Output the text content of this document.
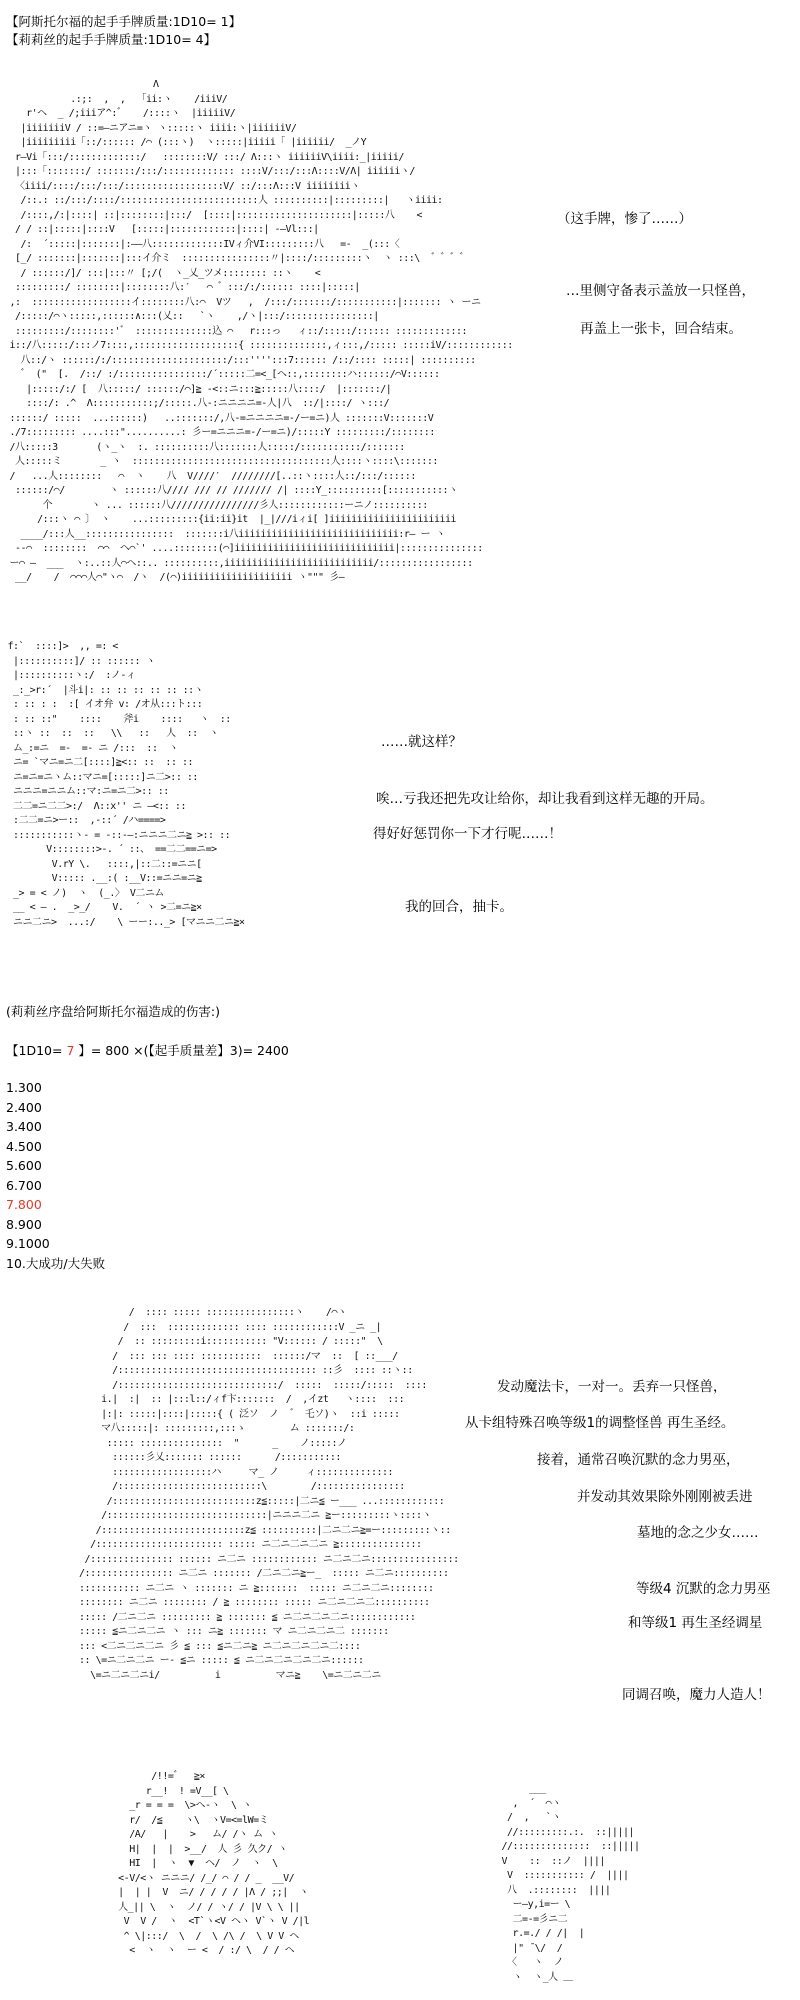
【阿斯托尔福的起手手牌质量:1D10= 1】
【莉莉丝的起手手牌质量:1D10= 4】
Λ
.:;:  ,  ,  「ii:ヽ    /iiiV/
r'ヘ  _ /;iiiア^:゛   /::::ヽ  |iiiiiV/
|iiiiiiiV / ::=—ニアニ=ヽ ヽ:::::ヽ iiii:ヽ|iiiiiiV/
|iiiiiiiii「::/:::::: /⌒ (:::ヽ)  ヽ:::::|iiiii「 |iiiiii/  _ノY
r—Vi「:::/:::::::::::::/   ::::::::V/ :::/ Λ:::ヽ iiiiiiV\iiii:_|iiiii/
|:::「:::::::/ :::::::/:::/::::::::::::: ::::V/:::/:::Λ::::V/Λ| iiiiiiヽ/
〈iiii/::::/:::/:::/::::::::::::::::::V/ ::/:::Λ:::V iiiiiiiiヽ
/::.: ::/:::/::::/:::::::::::::::::::::::::人 ::::::::::|:::::::::|   ヽiiii:
/::::,/:|::::| ::|::::::::|:::/  [::::|:::::::::::::::::::::|:::::八    <
/ / ::|:::::|::::V   [:::::|::::::::::::|::::| -—Vl:::|
/:  ´:::::|:::::::|:——八:::::::::::::IVィ介VI:::::::::八   =-  _(:::〈
[_/ :::::::|:::::::|:::イ介ミ  ::::::::::::::::〃|::::/:::::::::ヽ  ヽ :::\  ゛゛゛゛
/ ::::::/]/ :::|:::〃 [;/(  ヽ_乂_ツメ:::::::: ::ヽ    <
:::::::::/ ::::::::|::::::::八:′   ⌒ ゛:::/:/:::::: ::::|:::::|
,:  ::::::::::::::::::イ::::::::八:⌒  Vツ   ,  /:::/:::::::/:::::::::::|::::::: ヽ ーニ
/:::::/⌒ヽ:::::,::::::∧:::(乂::   `ヽ    ,/ヽ|:::/::::::::::::::::|
:::::::::/::::::::'゛ ::::::::::::::込 ⌒   r:::っ   ィ::/:::::/:::::: :::::::::::::
i::/八:::::/:::ノ7::::,:::::::::::::::::::{ ::::::::::::::,ィ:::,/::::: :::::iV/::::::::::::
八::/ヽ ::::::/:/:::::::::::::::::::::/:::'''':::7:::::: /::/:::: :::::| ::::::::::
゛ ("  [.  /::/ :/::::::::::::::::/´:::::二=<_[ヘ::,::::::::ハ::::::/⌒V::::::
|:::::/:/ [  八:::::/ ::::::/⌒]≧ -<::ニ:::≧:::::八::::/  |:::::::/|
::::/: .^  Λ:::::::::::;/:::::.八-:ニニニニ=-人|八  ::/|::::/ ヽ:::/
::::::/ :::::  ...::::::)   ..:::::::/,八-=ニニニニ=-/ー=ニ)人 :::::::V:::::::V
./7::::::::: ....:::"..........: 彡ー=ニニニ=-/ー=ニ)/:::::Y :::::::::/::::::::
/八:::::3       (ヽ_ヽ  :. ::::::::::八:::::::人:::::/:::::::::::/:::::::
人:::::ミ       _ ヽ  ::::::::::::::::::::::::::::::::::::人::::ヽ::::\:::::::
/   ...人::::::::   ⌒  ヽ    八  V////′  ////////[..::ヽ::::人::/:::/::::::
::::::/⌒/        ヽ ::::::八//// /// // /////// /| ::::Y_::::::::::[:::::::::::ヽ
个       ヽ ... ::::::八////////////////彡人::::::::::::ーニノ::::::::::
/:::ヽ ⌒ 〕 ヽ    ...:::::::::{ii:ii}it  |_|///iィi[ ]iiiiiiiiiiiiiiiiiiiiiii
____/:::人__::::::::::::::::  :::::::i八iiiiiiiiiiiiiiiiiiiiiiiiiiiii:r— ー ヽ
--⌒  ::::::::  ⌒⌒  ヘ⌒`' ....::::::::(⌒]iiiiiiiiiiiiiiiiiiiiiiiiiiiii|:::::::::::::::
ー⌒ —  ___  ヽ:..::人⌒ヘ::.. ::::::::::,iiiiiiiiiiiiiiiiiiiiiiiiiii/:::::::::::::::::
__/    /  ⌒⌒⌒人⌒"ヽ⌒  /ヽ  /(⌒)iiiiiiiiiiiiiiiiiiii ヽ""" 彡—
（这手牌，惨了……）
…里侧守备表示盖放一只怪兽，
再盖上一张卡，回合结束。
f:`  ::::]>  ,, =: <
|::::::::::]/ :: :::::: ヽ
|::::::::::ヽ:/  :ノ‐ィ
_:_>r:´  |斗i|: :: :: :: :: :: ::ヽ
: :: : :  :[ イオ弁 v: /オ从:::ト:::
: :: ::"    ::::    斧i    ::::   ヽ  ::
::ヽ ::  ::  ::   \\   ::   人  ::  ヽ
ム_:=ニ  =-  =- ニ /:::  ::  ヽ
ニ= `マニ=ニ二[::::]≧<:: ::  :: ::
ニ=ニ=ニヽム::マニ=[:::::]ニ二>:: ::
ニニニ=ニニム::マ:ニ=ニ二>:: ::
二二=ニ二二>:/  Λ::x'' ニ —<:: ::
:二二=ニ>ー::  ,-::´ /ハ====>
:::::::::::ヽ- = -::-—:ニニニ二ニ≧ >:: ::
V::::::::>-. ´ ::、 ==二二==ニ=>
V.rY \.   ::::,|::二::=ニニ[
V::::: .__:( :__V::=ニニ=ニ≧
_> = < ノ)  ヽ  (_.〉 V二ニム
__ < — .  _>_/    V.  ´ ヽ >二=ニ≧×
ニニ二ニ>  ...:/    \ ーー:.._> [マニニ二ニ≧×
……就这样？
唉…亏我还把先攻让给你，却让我看到这样无趣的开局。
得好好惩罚你一下才行呢……！
我的回合，抽卡。
(莉莉丝序盘给阿斯托尔福造成的伤害:)
【1D10= 7 】= 800 ×(【起手质量差】3)= 2400
1.300
2.400
3.400
4.500
5.600
6.700
7.800
8.900
9.1000
10.大成功/大失败
/  :::: ::::: ::::::::::::::::ヽ    /⌒ヽ
/  :::  ::::::::::::: :::: ::::::::::::V _ニ _|
/  :: :::::::::i::::::::::: "V:::::: / :::::"  \
/  ::: ::: :::: :::::::::::  ::::::/マ  ::  [ ::___/
/:::::::::::::::::::::::::::::::::::: ::彡  :::: ::ヽ::
/:::::::::::::::::::::::::::::/  :::::  :::::/:::::  ::::
i.|  :|  :: |:::l::/ィf卞:::::::  /  ,イzt   ヽ::::  :::
|:|: :::::|::::|:::::{ ( 泛ソ  ノ  ゛ 乇ソ)ヽ  ::i :::::
マ八:::::|: :::::::::,:::ゝ        ム :::::::/:
::::: :::::::::::::::  "      _    ノ:::::ノ
::::::彡乂::::::: ::::::      /:::::::::::
::::::::::::::::::ハ     マ_ ノ     ィ::::::::::::::
/::::::::::::::::::::::::::\        /::::::::::::::::
/::::::::::::::::::::::::::z≦:::::|二ニ≦ ー___ ...::::::::::::
/:::::::::::::::::::::::::::::|ニニニ二ニ ≧ー:::::::::ヽ::::ヽ
/::::::::::::::::::::::::::z≦ ::::::::::|二ニ二ニ≧=ー:::::::::ヽ::
/::::::::::::::::::::::: ::::: ニ二ニ二ニ二ニ ≧:::::::::::::::
/::::::::::::::: :::::: ニ二ニ :::::::::::: ニ二ニ二ニ::::::::::::::::
/:::::::::::::::: ニ二ニ ::::::: /二ニ二ニ≧ー_  ::::: ニ二ニ::::::::::
::::::::::: ニ二ニ ヽ ::::::: ニ ≧:::::::  ::::: ニ二ニ二ニ::::::::
:::::::: ニ二ニ :::::::: / ≧ :::::::: ::::: ニ二ニ二ニ二::::::::::
::::: /二ニ二ニ ::::::::: ≧ ::::::: ≦ ニ二ニ二ニ二ニ::::::::::::
::::: ≦ニ二ニ二ニ ヽ ::: ニ≧ ::::::: マ ニ二ニ二ニ二 :::::::
::: <二ニ二ニ二ニ 彡 ≦ ::: ≦ニ二ニ≧ ニ二ニ二ニ二ニ二::::
:: \=ニ二ニ二ニ ー- ≦ニ ::::: ≦ ニ二ニ二ニ二ニ二ニ::::::
\=ニ二ニ二ニi/          i          マニ≧    \=ニ二ニ二ニ
发动魔法卡，一对一。丢弃一只怪兽，
从卡组特殊召唤等级1的调整怪兽 再生圣经。
接着，通常召唤沉默的念力男巫，
并发动其效果除外刚刚被丢进
墓地的念之少女……
等级4 沉默的念力男巫
和等级1 再生圣经调星
同调召唤，魔力人造人！
/!!=゛  ≧×
r__!  ! =V__[ \
_r = = =  \>ヘ-ヽ  \ ヽ
r/  /≦    ヽ\  ヽV=<=lW=ミ
/A/   |    >   ム/ /ヽ ム ヽ
H|  |  |  >__/  人 彡 久ク/ ヽ
HI  |  ヽ  ▼  ヘ/  ノ  ヽ  \
<-V/<ヽ ニニニ/ /_/ ⌒ / / _  __V/
|  | |  V  ニ/ / / / / |Λ / ;;|  ヽ
人_|| \  ヽ  ノ/ / ヽ/ / |V \ \ ||
V  V /  ヽ  <T`ヽ<V ヘヽ V`ヽ V /|l
^ \|:::/  \  /  \ /\ /  \ V V ヘ
<  ヽ  ヽ  ー <  / :/ \  / / ヘ
___
,  ´  ⌒ヽ
/  ,   `ヽ
//:::::::::.:.  ::|||||
//::::::::::::::  ::|||||
V    ::  ::ノ  ||||
V  ::::::::::: /  ||||
八  .::::::::  ||||
ー—y,i=ー \
二=-=彡ニ二
r.=./ / /|  |
|" ̄ \/  /
〈   ヽ  ノ
ヽ  ヽ_人 ＿
